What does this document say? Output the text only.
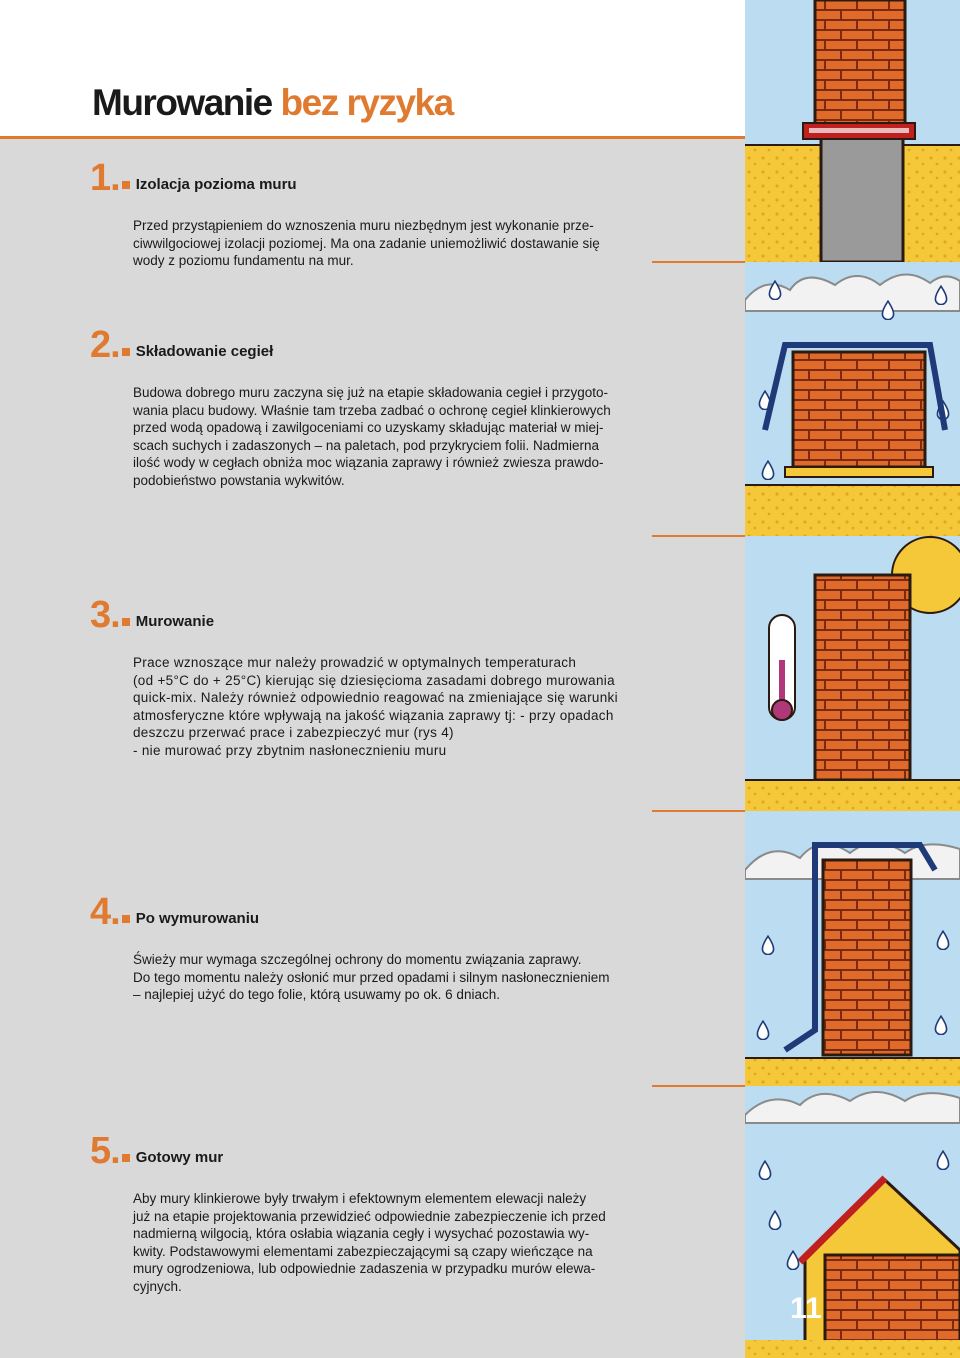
Murowanie bez ryzyka
1. Izolacja pozioma muru
Przed przystąpieniem do wznoszenia muru niezbędnym jest wykonanie prze-
ciwwilgociowej izolacji poziomej. Ma ona zadanie uniemożliwić dostawanie się
wody z poziomu fundamentu na mur.
2. Składowanie cegieł
Budowa dobrego muru zaczyna się już na etapie składowania cegieł i przygoto-
wania placu budowy. Właśnie tam trzeba zadbać o ochronę cegieł klinkierowych
przed wodą opadową i zawilgoceniami co uzyskamy składując materiał w miej-
scach suchych i zadaszonych – na paletach, pod przykryciem folii. Nadmierna
ilość wody w cegłach obniża moc wiązania zaprawy i również zwiesza prawdo-
podobieństwo powstania wykwitów.
3. Murowanie
Prace wznoszące mur należy prowadzić w optymalnych temperaturach
(od +5°C do + 25°C) kierując się dziesięcioma zasadami dobrego murowania
quick-mix. Należy również odpowiednio reagować na zmieniające się warunki
atmosferyczne które wpływają na jakość wiązania zaprawy tj: - przy opadach
deszczu przerwać prace i zabezpieczyć mur (rys 4)
- nie murować przy zbytnim nasłonecznieniu muru
4. Po wymurowaniu
Świeży mur wymaga szczególnej ochrony do momentu związania zaprawy.
Do tego momentu należy osłonić mur przed opadami i silnym nasłonecznieniem
– najlepiej użyć do tego folie, którą usuwamy po ok. 6 dniach.
5. Gotowy mur
Aby mury klinkierowe były trwałym i efektownym elementem elewacji należy
już na etapie projektowania przewidzieć odpowiednie zabezpieczenie ich przed
nadmierną wilgocią, która osłabia wiązania cegły i wysychać pozostawia wy-
kwity. Podstawowymi elementami zabezpieczającymi są czapy wieńczące na
mury ogrodzeniowa, lub odpowiednie zadaszenia w przypadku murów elewa-
cyjnych.
11
